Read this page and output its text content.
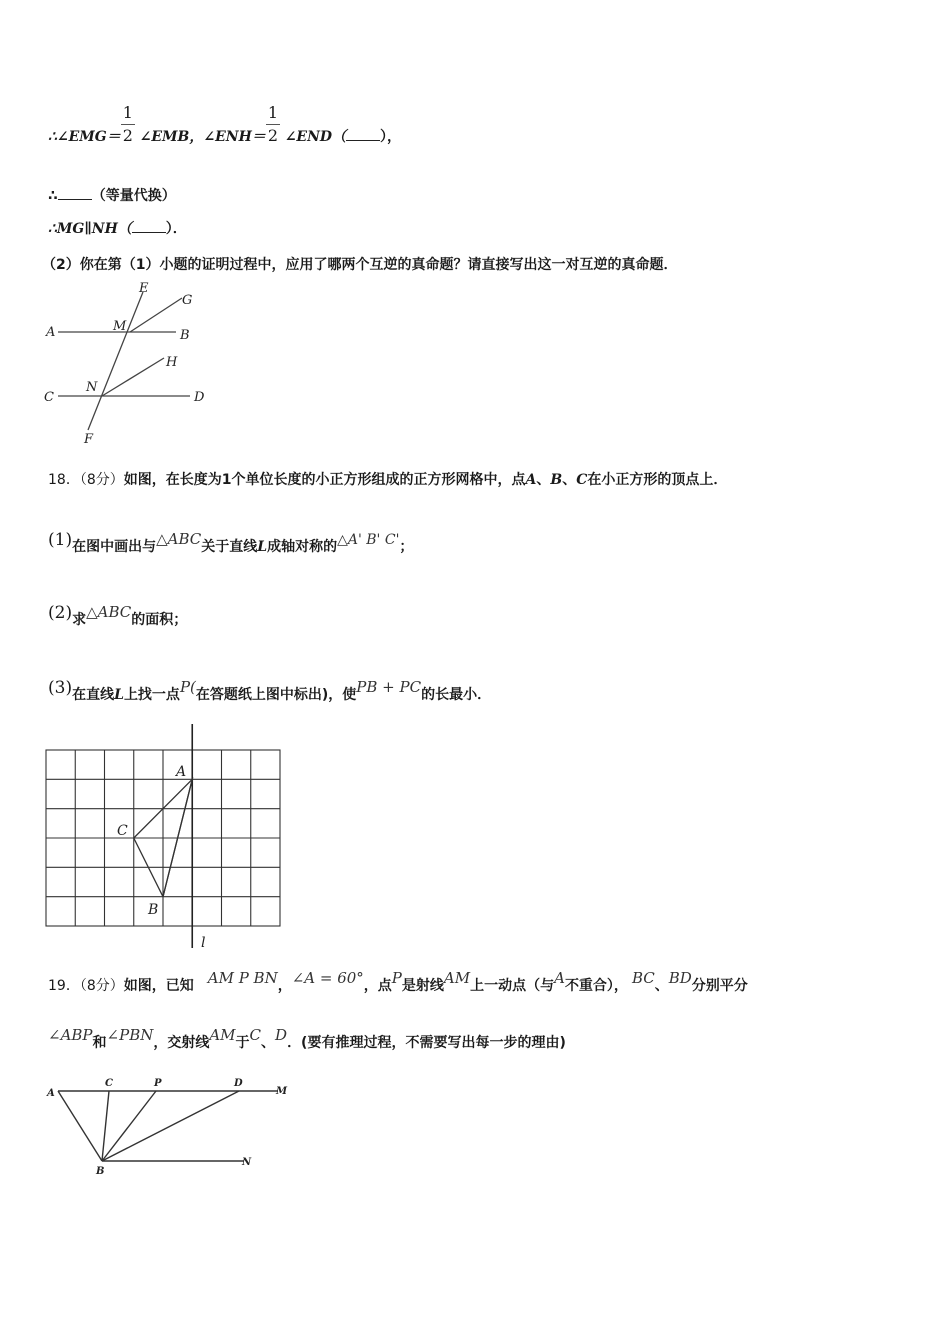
∴∠EMG＝ $\frac{1}{2}$ ∠EMB，∠ENH＝ $\frac{1}{2}$ ∠END（ ），
∴ （等量代换）
∴MG∥NH（ ）．
（2）你在第（1）小题的证明过程中，应用了哪两个互逆的真命题？请直接写出这一对互逆的真命题．
E
G
M
A	B
H
N
C	D
F
18．（8分）如图，在长度为1个单位长度的小正方形组成的正方形网格中，点A、B、C在小正方形的顶点上．
(1)在图中画出与△ABC关于直线L成轴对称的△A' B' C'；
(2)求△ABC的面积；
(3)在直线L上找一点P(在答题纸上图中标出)，使PB + PC的长最小．
A
C
B
l
19．（8分）如图，已知 AM P BN，∠A = 60°，点P是射线AM上一动点（与A不重合）， BC、BD分别平分
∠ABP和∠PBN，交射线AM于C、D．(要有推理过程，不需要写出每一步的理由)
A
C	P	D
M
B
N
